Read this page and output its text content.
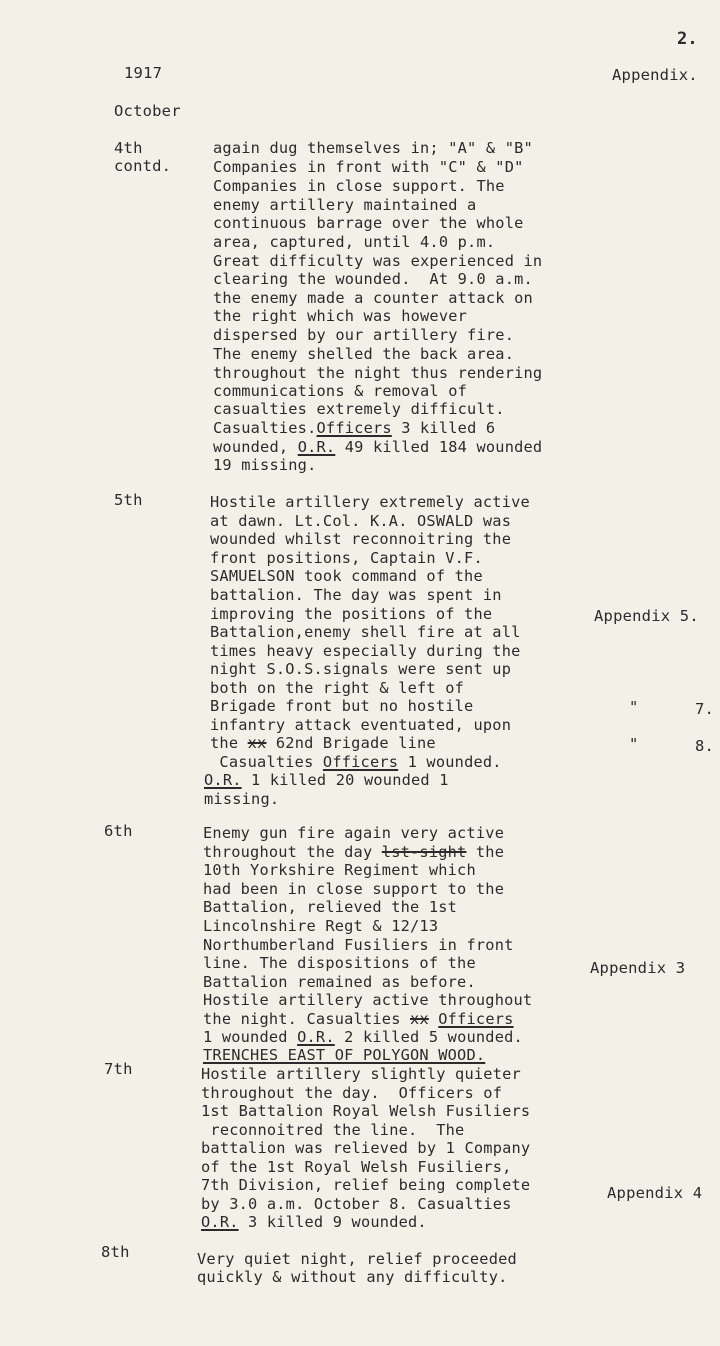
2.
1917	Appendix.
October
4th
contd.
again dug themselves in; "A" & "B"
Companies in front with "C" & "D"
Companies in close support. The
enemy artillery maintained a
continuous barrage over the whole
area, captured, until 4.0 p.m.
Great difficulty was experienced in
clearing the wounded.  At 9.0 a.m.
the enemy made a counter attack on
the right which was however
dispersed by our artillery fire.
The enemy shelled the back area.
throughout the night thus rendering
communications & removal of
casualties extremely difficult.
Casualties.Officers 3 killed 6
wounded, O.R. 49 killed 184 wounded
19 missing.
5th	Hostile artillery extremely active
at dawn. Lt.Col. K.A. OSWALD was
wounded whilst reconnoitring the
front positions, Captain V.F.
SAMUELSON took command of the
battalion. The day was spent in
improving the positions of the
Battalion,enemy shell fire at all
times heavy especially during the
night S.O.S.signals were sent up
both on the right & left of
Brigade front but no hostile
infantry attack eventuated, upon
the xx 62nd Brigade line
Casualties Officers 1 wounded.
O.R. 1 killed 20 wounded 1
missing.
Appendix 5.
"	7.
"	8.
6th	Enemy gun fire again very active
throughout the day lst-sight the
10th Yorkshire Regiment which
had been in close support to the
Battalion, relieved the 1st
Lincolnshire Regt & 12/13
Northumberland Fusiliers in front
line. The dispositions of the
Battalion remained as before.
Hostile artillery active throughout
the night. Casualties xx Officers
1 wounded O.R. 2 killed 5 wounded.
TRENCHES EAST OF POLYGON WOOD.
Appendix 3
7th	Hostile artillery slightly quieter
throughout the day.  Officers of
1st Battalion Royal Welsh Fusiliers
reconnoitred the line.  The
battalion was relieved by 1 Company
of the 1st Royal Welsh Fusiliers,
7th Division, relief being complete
by 3.0 a.m. October 8. Casualties
O.R. 3 killed 9 wounded.
Appendix 4
8th	Very quiet night, relief proceeded
quickly & without any difficulty.
